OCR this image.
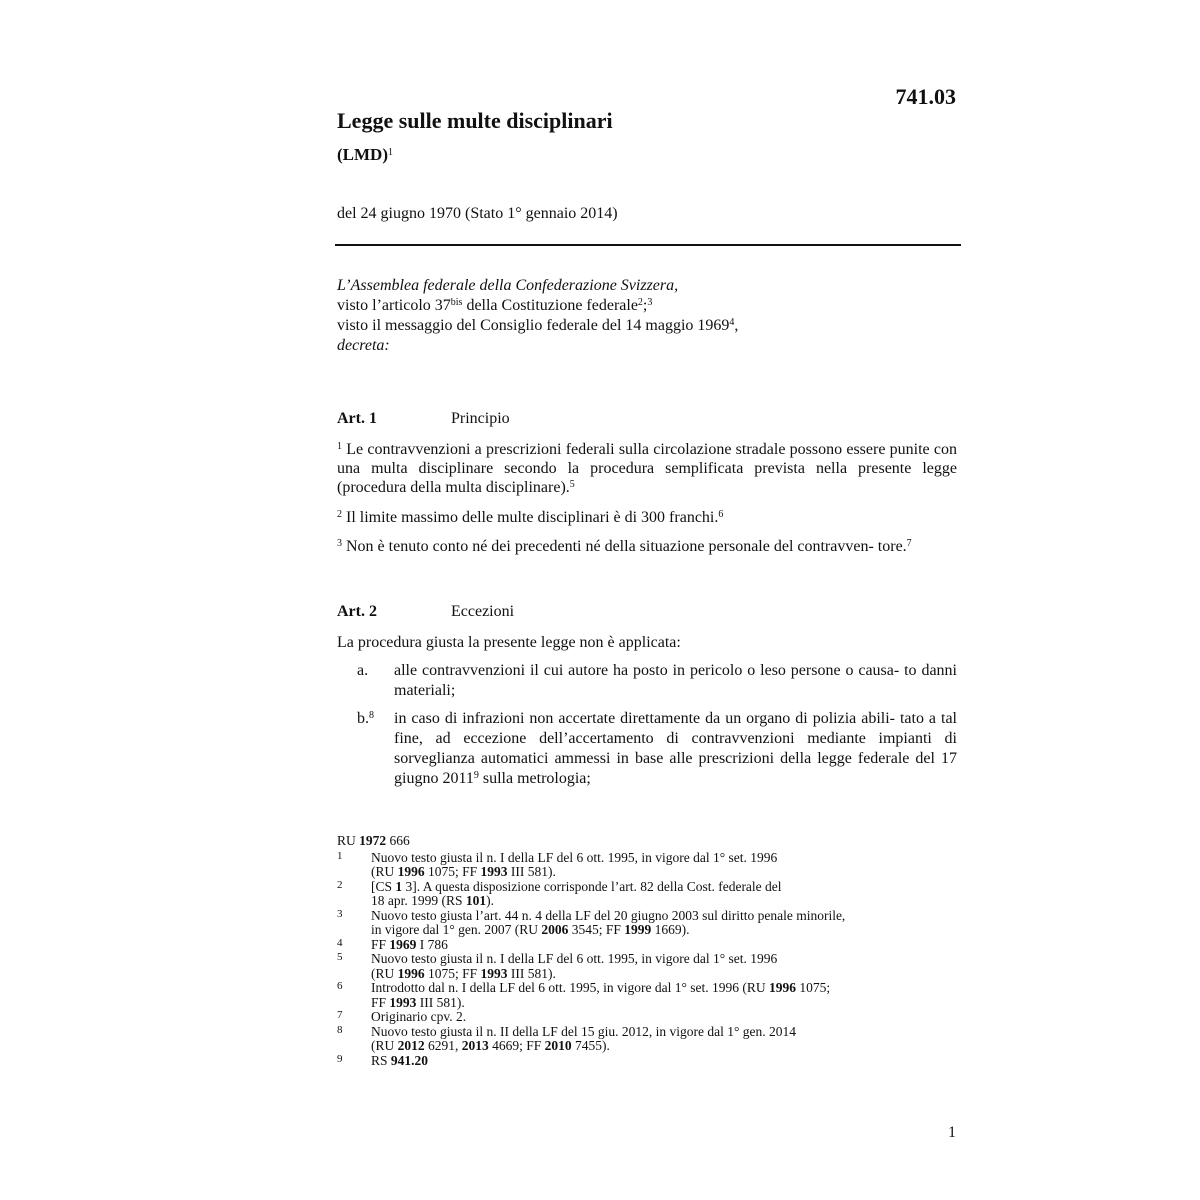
741.03
Legge sulle multe disciplinari
(LMD)$^1$
del 24 giugno 1970 (Stato 1° gennaio 2014)
L’Assemblea federale della Confederazione Svizzera,
visto l’articolo $37^{bis}$ della Costituzione federale$^2$;$^3$
visto il messaggio del Consiglio federale del 14 maggio 1969$^4$,
decreta:
Art. 1	Principio
$^1$ Le contravvenzioni a prescrizioni federali sulla circolazione stradale possono essere punite con una multa disciplinare secondo la procedura semplificata prevista nella presente legge (procedura della multa disciplinare).$^5$
$^2$ Il limite massimo delle multe disciplinari è di 300 franchi.$^6$
$^3$ Non è tenuto conto né dei precedenti né della situazione personale del contravven- tore.$^7$
Art. 2	Eccezioni
La procedura giusta la presente legge non è applicata:
a. alle contravvenzioni il cui autore ha posto in pericolo o leso persone o causa- to danni materiali;
b.$^8$ in caso di infrazioni non accertate direttamente da un organo di polizia abili- tato a tal fine, ad eccezione dell’accertamento di contravvenzioni mediante impianti di sorveglianza automatici ammessi in base alle prescrizioni della legge federale del 17 giugno 2011$^9$ sulla metrologia;
RU 1972 666
1 Nuovo testo giusta il n. I della LF del 6 ott. 1995, in vigore dal 1° set. 1996
(RU 1996 1075; FF 1993 III 581).
2 [CS 1 3]. A questa disposizione corrisponde l’art. 82 della Cost. federale del
18 apr. 1999 (RS 101).
3 Nuovo testo giusta l’art. 44 n. 4 della LF del 20 giugno 2003 sul diritto penale minorile,
in vigore dal 1° gen. 2007 (RU 2006 3545; FF 1999 1669).
4 FF 1969 I 786
5 Nuovo testo giusta il n. I della LF del 6 ott. 1995, in vigore dal 1° set. 1996
(RU 1996 1075; FF 1993 III 581).
6 Introdotto dal n. I della LF del 6 ott. 1995, in vigore dal 1° set. 1996 (RU 1996 1075;
FF 1993 III 581).
7 Originario cpv. 2.
8 Nuovo testo giusta il n. II della LF del 15 giu. 2012, in vigore dal 1° gen. 2014
(RU 2012 6291, 2013 4669; FF 2010 7455).
9 RS 941.20
1
